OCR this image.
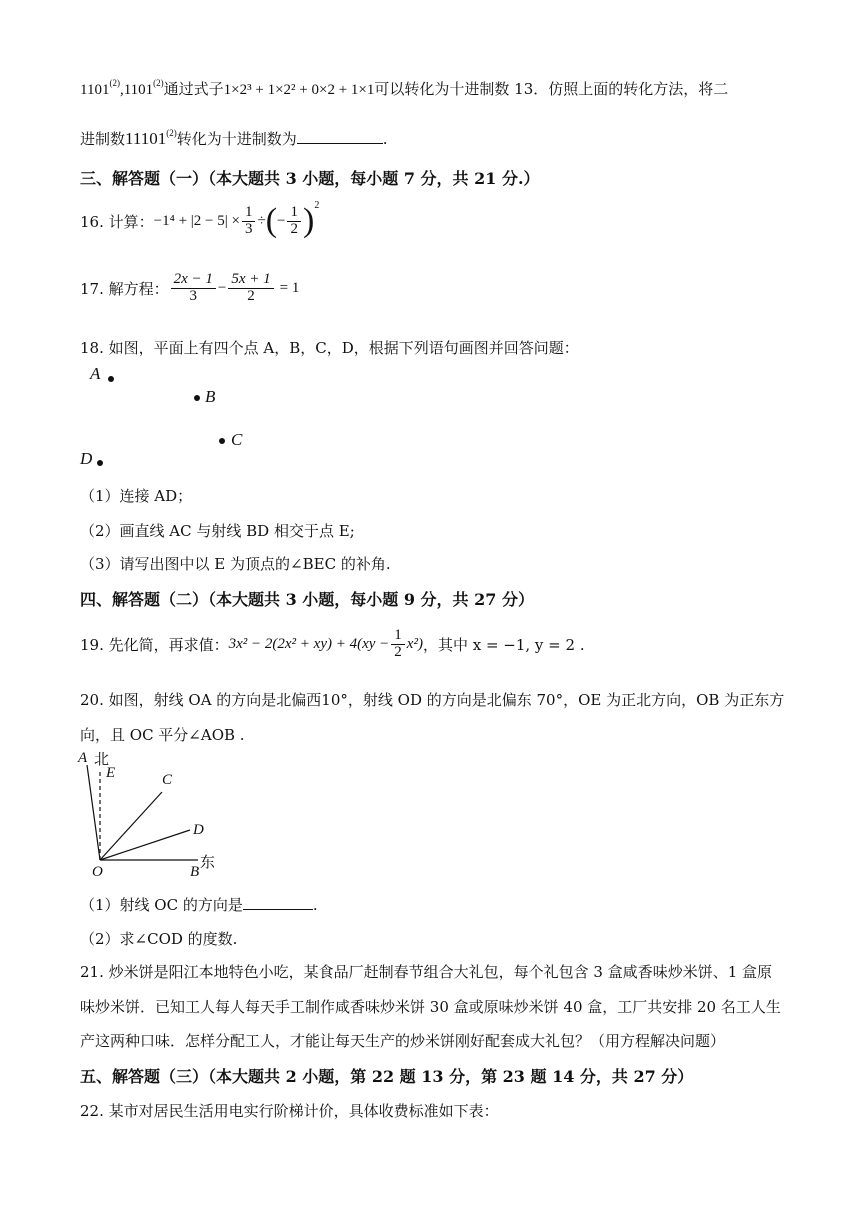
1101$^{(2)}$,1101$^{(2)}$通过式子1×2³ + 1×2² + 0×2 + 1×1可以转化为十进制数 13．仿照上面的转化方法，将二
进制数11101$^{(2)}$转化为十进制数为	.
三、解答题（一）（本大题共 3 小题，每小题 7 分，共 21 分.）
16. 计算： $-1^4 + |2 - 5| \times \frac{1}{3}$ ÷ ( − $\frac{1}{2} )^2$
17. 解方程： $\frac{2x - 1}{3} - \frac{5x + 1}{2} = 1$
18. 如图，平面上有四个点 A，B，C，D，根据下列语句画图并回答问题：
A
B
C
D
（1）连接 AD；
（2）画直线 AC 与射线 BD 相交于点 E;
（3）请写出图中以 E 为顶点的∠BEC 的补角.
四、解答题（二）（本大题共 3 小题，每小题 9 分，共 27 分）
19. 先化简，再求值： $3x^2 - 2(2x^2 + xy) + 4(xy - \frac{1}{2} x^2)$ ，其中 x = −1, y = 2 .
20. 如图，射线 OA 的方向是北偏西10°，射线 OD 的方向是北偏东 70°，OE 为正北方向，OB 为正东方
向，且 OC 平分∠AOB .
A 北
E	C
D
O	B
东
（1）射线 OC 的方向是	.
（2）求∠COD 的度数.
21. 炒米饼是阳江本地特色小吃，某食品厂赶制春节组合大礼包，每个礼包含 3 盒咸香味炒米饼、1 盒原
味炒米饼．已知工人每人每天手工制作咸香味炒米饼 30 盒或原味炒米饼 40 盒，工厂共安排 20 名工人生
产这两种口味．怎样分配工人，才能让每天生产的炒米饼刚好配套成大礼包？（用方程解决问题）
五、解答题（三）（本大题共 2 小题，第 22 题 13 分，第 23 题 14 分，共 27 分）
22. 某市对居民生活用电实行阶梯计价，具体收费标准如下表：
